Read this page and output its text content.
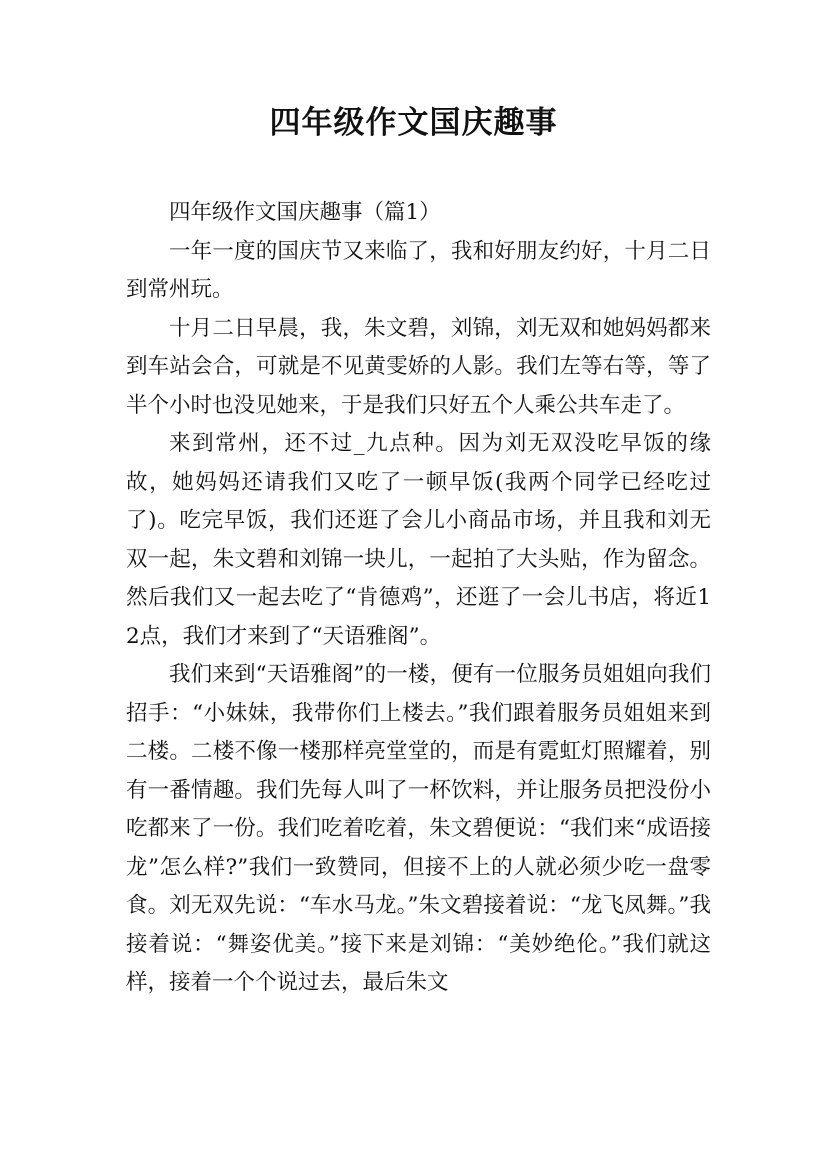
四年级作文国庆趣事

四年级作文国庆趣事（篇1）

一年一度的国庆节又来临了，我和好朋友约好，十月二日到常州玩。

十月二日早晨，我，朱文碧，刘锦，刘无双和她妈妈都来到车站会合，可就是不见黄雯娇的人影。我们左等右等，等了半个小时也没见她来，于是我们只好五个人乘公共车走了。

来到常州，还不过_九点种。因为刘无双没吃早饭的缘故，她妈妈还请我们又吃了一顿早饭(我两个同学已经吃过了)。吃完早饭，我们还逛了会儿小商品市场，并且我和刘无双一起，朱文碧和刘锦一块儿，一起拍了大头贴，作为留念。然后我们又一起去吃了“肯德鸡”，还逛了一会儿书店，将近12点，我们才来到了“天语雅阁”。

我们来到“天语雅阁”的一楼，便有一位服务员姐姐向我们招手：“小妹妹，我带你们上楼去。”我们跟着服务员姐姐来到二楼。二楼不像一楼那样亮堂堂的，而是有霓虹灯照耀着，别有一番情趣。我们先每人叫了一杯饮料，并让服务员把没份小吃都来了一份。我们吃着吃着，朱文碧便说：“我们来“成语接龙”怎么样?”我们一致赞同，但接不上的人就必须少吃一盘零食。刘无双先说：“车水马龙。”朱文碧接着说：“龙飞凤舞。”我接着说：“舞姿优美。”接下来是刘锦：“美妙绝伦。”我们就这样，接着一个个说过去，最后朱文
